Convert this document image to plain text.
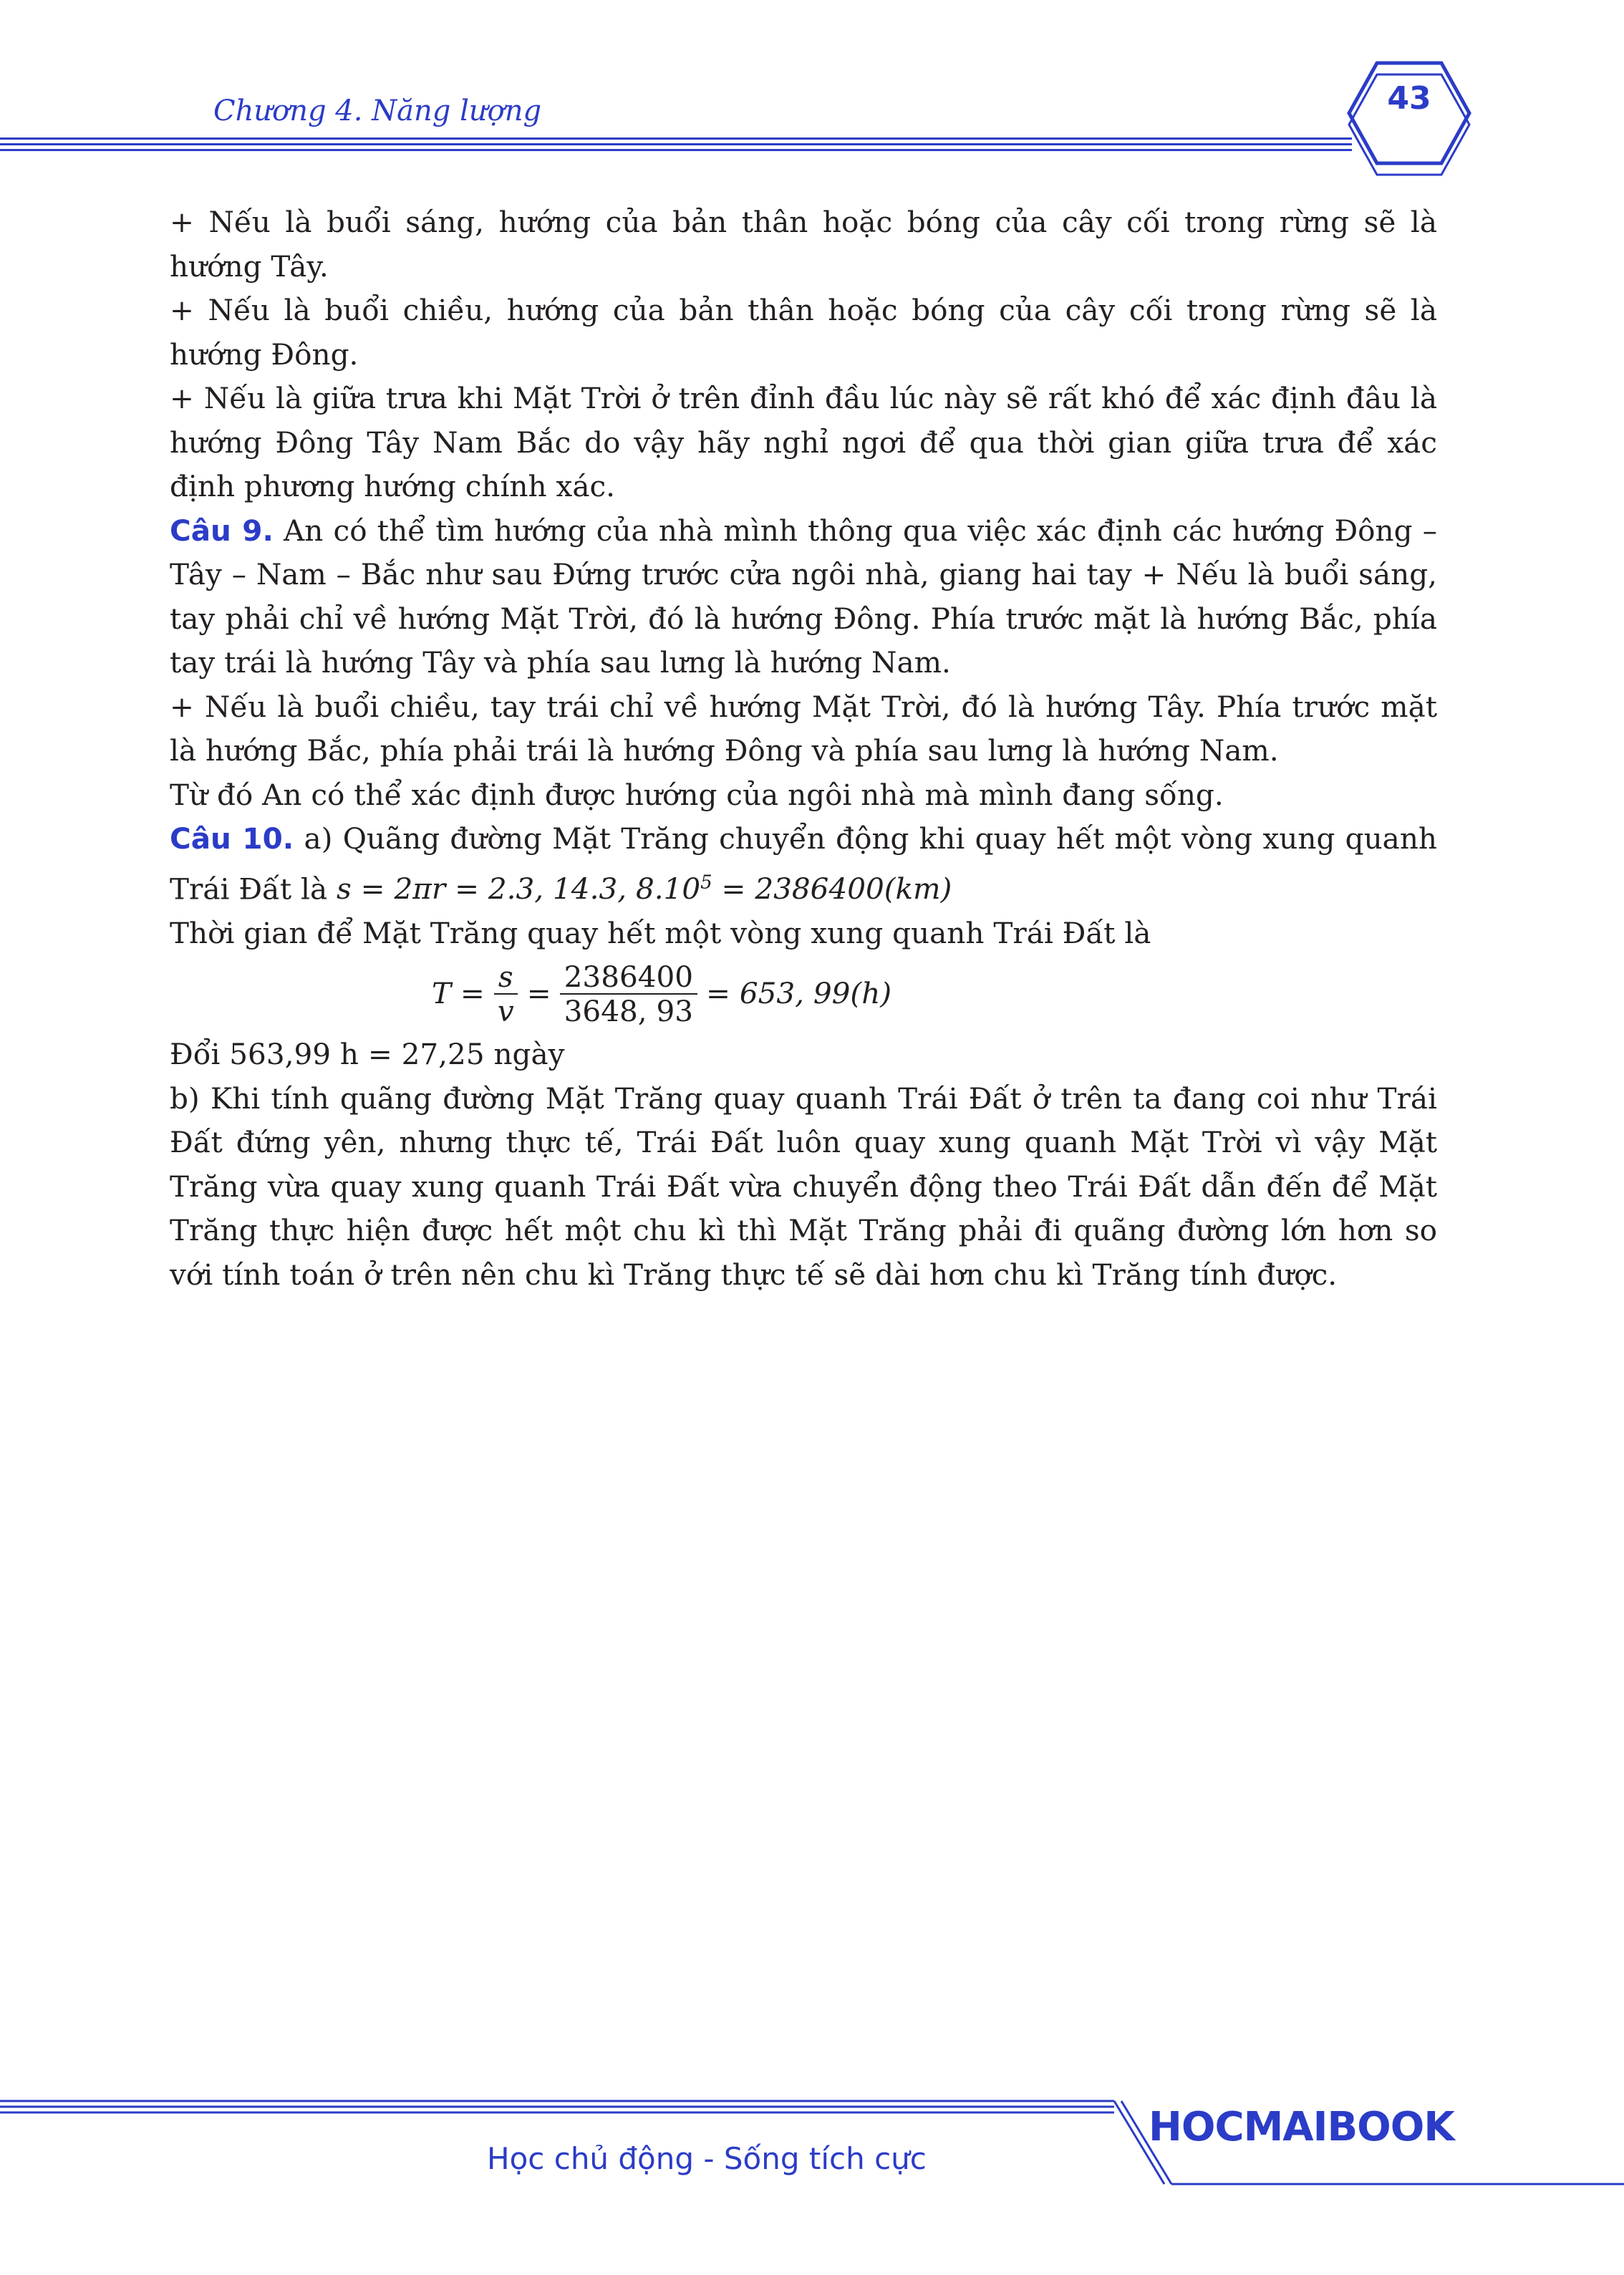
Chương 4. Năng lượng	43

+ Nếu là buổi sáng, hướng của bản thân hoặc bóng của cây cối trong rừng sẽ là hướng Tây.

+ Nếu là buổi chiều, hướng của bản thân hoặc bóng của cây cối trong rừng sẽ là hướng Đông.

+ Nếu là giữa trưa khi Mặt Trời ở trên đỉnh đầu lúc này sẽ rất khó để xác định đâu là hướng Đông Tây Nam Bắc do vậy hãy nghỉ ngơi để qua thời gian giữa trưa để xác định phương hướng chính xác.

Câu 9. An có thể tìm hướng của nhà mình thông qua việc xác định các hướng Đông – Tây – Nam – Bắc như sau Đứng trước cửa ngôi nhà, giang hai tay + Nếu là buổi sáng, tay phải chỉ về hướng Mặt Trời, đó là hướng Đông. Phía trước mặt là hướng Bắc, phía tay trái là hướng Tây và phía sau lưng là hướng Nam.

+ Nếu là buổi chiều, tay trái chỉ về hướng Mặt Trời, đó là hướng Tây. Phía trước mặt là hướng Bắc, phía phải trái là hướng Đông và phía sau lưng là hướng Nam.

Từ đó An có thể xác định được hướng của ngôi nhà mà mình đang sống.

Câu 10. a) Quãng đường Mặt Trăng chuyển động khi quay hết một vòng xung quanh Trái Đất là s = 2πr = 2.3, 14.3, $8.10^5 = 2386400(km)$

Thời gian để Mặt Trăng quay hết một vòng xung quanh Trái Đất là

$T = \frac{s}{v} = \frac{2386400}{3648, 93} = 653$, 99(h)

Đổi 563,99 h = 27,25 ngày

b) Khi tính quãng đường Mặt Trăng quay quanh Trái Đất ở trên ta đang coi như Trái Đất đứng yên, nhưng thực tế, Trái Đất luôn quay xung quanh Mặt Trời vì vậy Mặt Trăng vừa quay xung quanh Trái Đất vừa chuyển động theo Trái Đất dẫn đến để Mặt Trăng thực hiện được hết một chu kì thì Mặt Trăng phải đi quãng đường lớn hơn so với tính toán ở trên nên chu kì Trăng thực tế sẽ dài hơn chu kì Trăng tính được.

HOCMAIBOOK
Học chủ động - Sống tích cực
